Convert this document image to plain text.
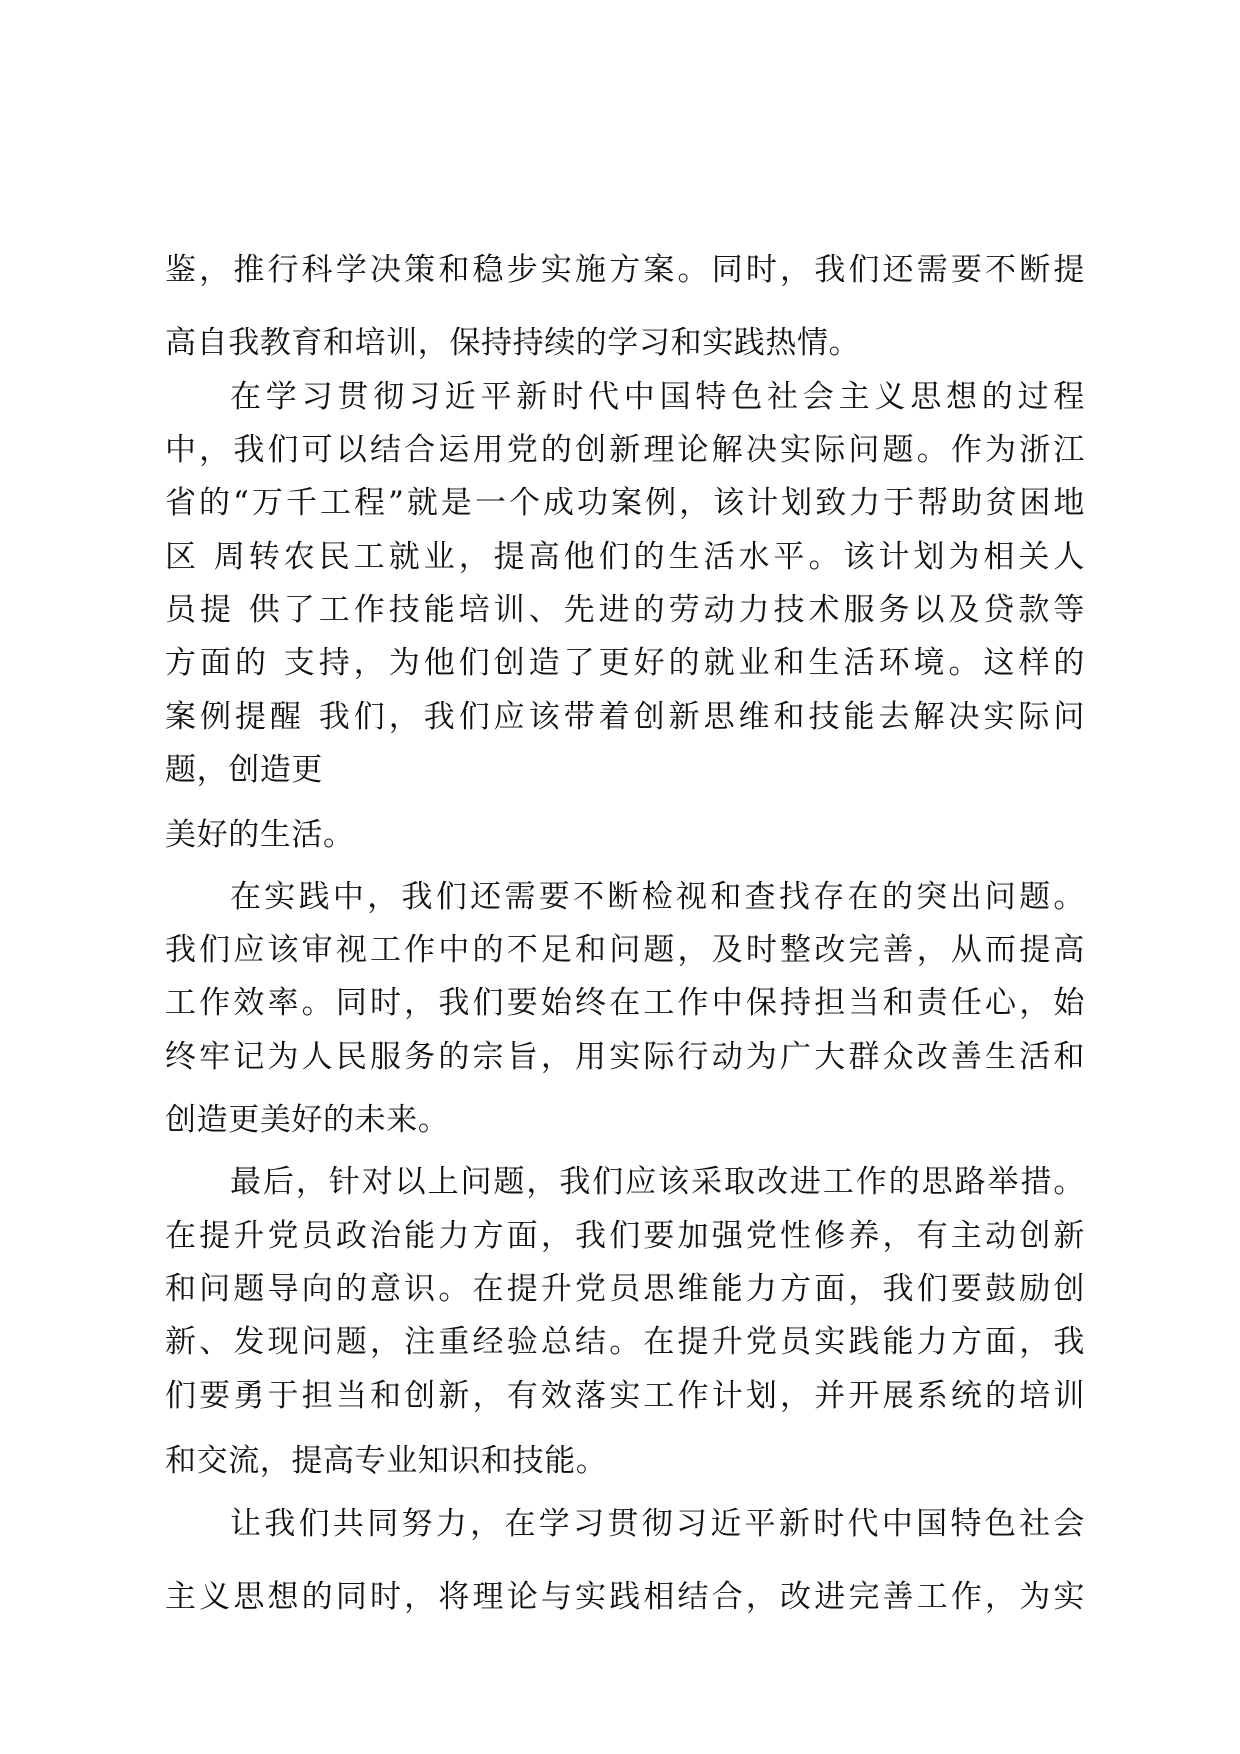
鉴，推行科学决策和稳步实施方案。同时，我们还需要不断提
高自我教育和培训，保持持续的学习和实践热情。
在学习贯彻习近平新时代中国特色社会主义思想的过程
中，我们可以结合运用党的创新理论解决实际问题。作为浙江
省的“万千工程”就是一个成功案例，该计划致力于帮助贫困地
区 周转农民工就业，提高他们的生活水平。该计划为相关人
员提 供了工作技能培训、先进的劳动力技术服务以及贷款等
方面的 支持，为他们创造了更好的就业和生活环境。这样的
案例提醒 我们，我们应该带着创新思维和技能去解决实际问
题，创造更
美好的生活。
在实践中，我们还需要不断检视和查找存在的突出问题。
我们应该审视工作中的不足和问题，及时整改完善，从而提高
工作效率。同时，我们要始终在工作中保持担当和责任心，始
终牢记为人民服务的宗旨，用实际行动为广大群众改善生活和
创造更美好的未来。
最后，针对以上问题，我们应该采取改进工作的思路举措。
在提升党员政治能力方面，我们要加强党性修养，有主动创新
和问题导向的意识。在提升党员思维能力方面，我们要鼓励创
新、发现问题，注重经验总结。在提升党员实践能力方面，我
们要勇于担当和创新，有效落实工作计划，并开展系统的培训
和交流，提高专业知识和技能。
让我们共同努力，在学习贯彻习近平新时代中国特色社会
主义思想的同时，将理论与实践相结合，改进完善工作，为实
